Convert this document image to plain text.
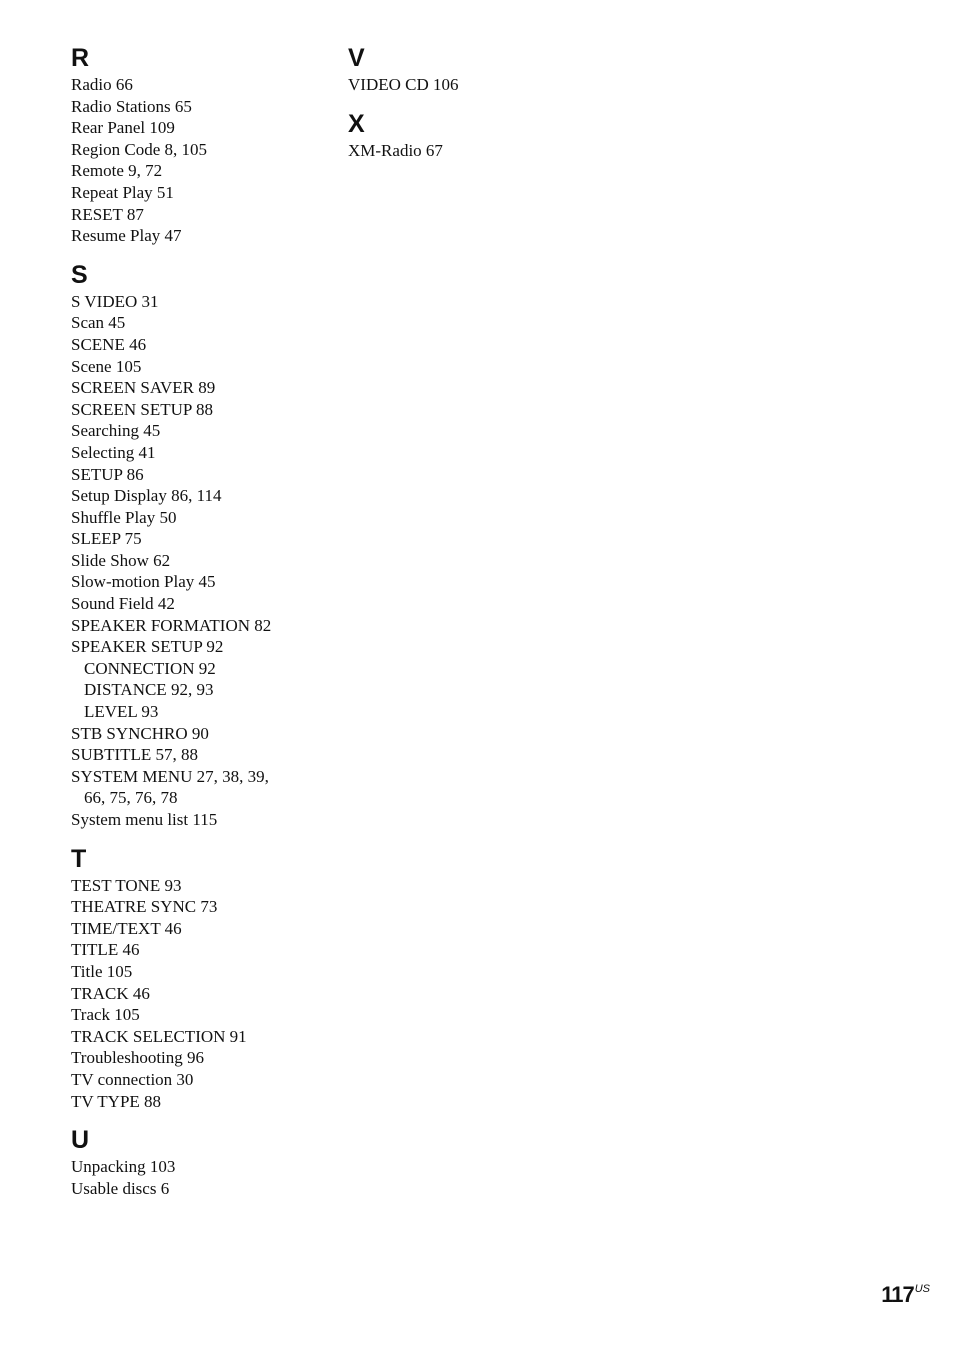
R
Radio 66
Radio Stations 65
Rear Panel 109
Region Code 8, 105
Remote 9, 72
Repeat Play 51
RESET 87
Resume Play 47
S
S VIDEO 31
Scan 45
SCENE 46
Scene 105
SCREEN SAVER 89
SCREEN SETUP 88
Searching 45
Selecting 41
SETUP 86
Setup Display 86, 114
Shuffle Play 50
SLEEP 75
Slide Show 62
Slow-motion Play 45
Sound Field 42
SPEAKER FORMATION 82
SPEAKER SETUP 92
CONNECTION 92
DISTANCE 92, 93
LEVEL 93
STB SYNCHRO 90
SUBTITLE 57, 88
SYSTEM MENU 27, 38, 39,
66, 75, 76, 78
System menu list 115
T
TEST TONE 93
THEATRE SYNC 73
TIME/TEXT 46
TITLE 46
Title 105
TRACK 46
Track 105
TRACK SELECTION 91
Troubleshooting 96
TV connection 30
TV TYPE 88
U
Unpacking 103
Usable discs 6
V
VIDEO CD 106
X
XM-Radio 67
$117^{US}$
